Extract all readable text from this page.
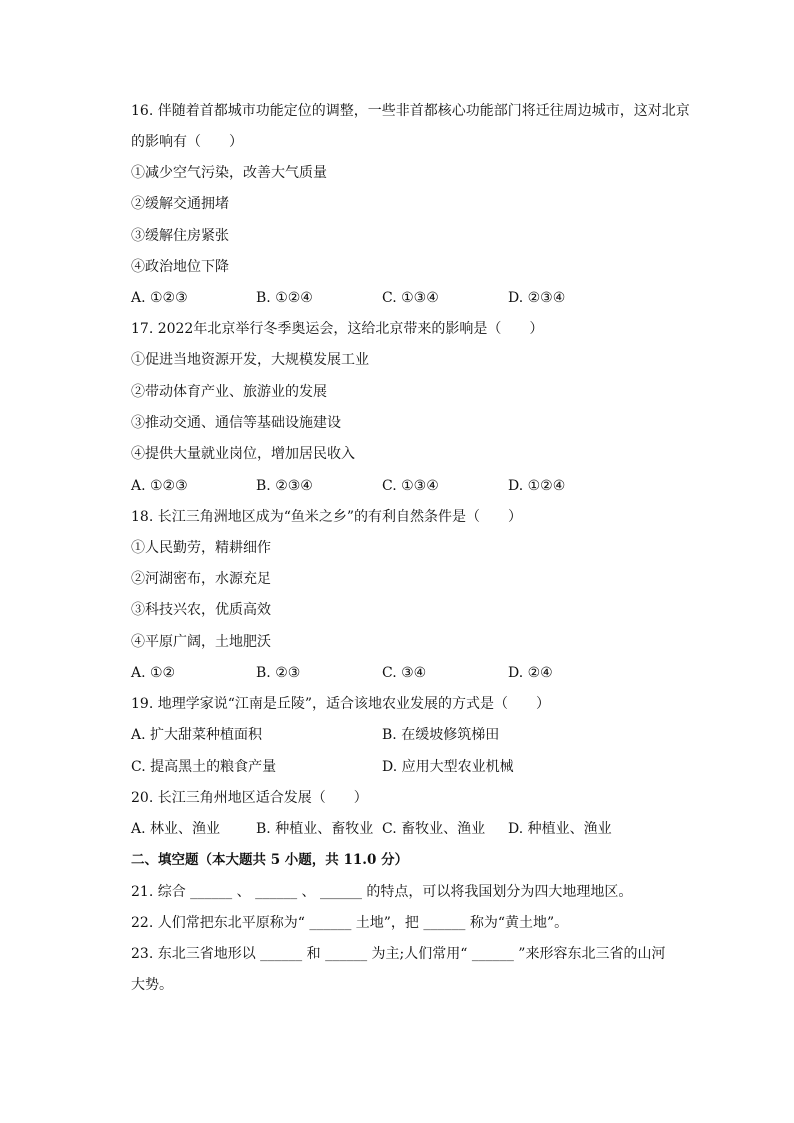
16. 伴随着首都城市功能定位的调整，一些非首都核心功能部门将迁往周边城市，这对北京
的影响有（　　）
①减少空气污染，改善大气质量
②缓解交通拥堵
③缓解住房紧张
④政治地位下降
A. ①②③	B. ①②④	C. ①③④	D. ②③④
17. 2022年北京举行冬季奥运会，这给北京带来的影响是（　　）
①促进当地资源开发，大规模发展工业
②带动体育产业、旅游业的发展
③推动交通、通信等基础设施建设
④提供大量就业岗位，增加居民收入
A. ①②③	B. ②③④	C. ①③④	D. ①②④
18. 长江三角洲地区成为“鱼米之乡”的有利自然条件是（　　）
①人民勤劳，精耕细作
②河湖密布，水源充足
③科技兴农，优质高效
④平原广阔，土地肥沃
A. ①②	B. ②③	C. ③④	D. ②④
19. 地理学家说“江南是丘陵”，适合该地农业发展的方式是（　　）
A. 扩大甜菜种植面积	B. 在缓坡修筑梯田
C. 提高黑土的粮食产量	D. 应用大型农业机械
20. 长江三角州地区适合发展（　　）
A. 林业、渔业	B. 种植业、畜牧业 C. 畜牧业、渔业 D. 种植业、渔业
二、填空题（本大题共 5 小题，共 11.0 分）
21. 综合 ______ 、 ______ 、 ______ 的特点，可以将我国划分为四大地理地区。
22. 人们常把东北平原称为“ ______ 土地”，把 ______ 称为“黄土地”。
23. 东北三省地形以 ______ 和 ______ 为主;人们常用“ ______ ”来形容东北三省的山河
大势。
